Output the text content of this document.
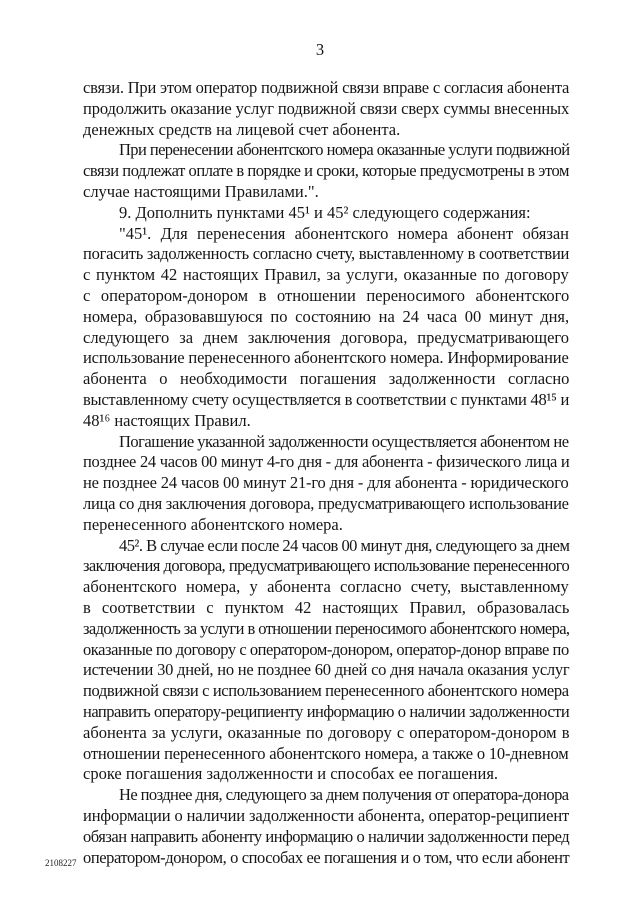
3
связи. При этом оператор подвижной связи вправе с согласия абонента
продолжить оказание услуг подвижной связи сверх суммы внесенных
денежных средств на лицевой счет абонента.
При перенесении абонентского номера оказанные услуги подвижной
связи подлежат оплате в порядке и сроки, которые предусмотрены в этом
случае настоящими Правилами.".
9. Дополнить пунктами 45¹ и 45² следующего содержания:
"45¹. Для перенесения абонентского номера абонент обязан
погасить задолженность согласно счету, выставленному в соответствии
с пунктом 42 настоящих Правил, за услуги, оказанные по договору
с оператором-донором в отношении переносимого абонентского
номера, образовавшуюся по состоянию на 24 часа 00 минут дня,
следующего за днем заключения договора, предусматривающего
использование перенесенного абонентского номера. Информирование
абонента о необходимости погашения задолженности согласно
выставленному счету осуществляется в соответствии с пунктами 48¹⁵ и
48¹⁶ настоящих Правил.
Погашение указанной задолженности осуществляется абонентом не
позднее 24 часов 00 минут 4-го дня - для абонента - физического лица и
не позднее 24 часов 00 минут 21-го дня - для абонента - юридического
лица со дня заключения договора, предусматривающего использование
перенесенного абонентского номера.
45². В случае если после 24 часов 00 минут дня, следующего за днем
заключения договора, предусматривающего использование перенесенного
абонентского номера, у абонента согласно счету, выставленному
в соответствии с пунктом 42 настоящих Правил, образовалась
задолженность за услуги в отношении переносимого абонентского номера,
оказанные по договору с оператором-донором, оператор-донор вправе по
истечении 30 дней, но не позднее 60 дней со дня начала оказания услуг
подвижной связи с использованием перенесенного абонентского номера
направить оператору-реципиенту информацию о наличии задолженности
абонента за услуги, оказанные по договору с оператором-донором в
отношении перенесенного абонентского номера, а также о 10-дневном
сроке погашения задолженности и способах ее погашения.
Не позднее дня, следующего за днем получения от оператора-донора
информации о наличии задолженности абонента, оператор-реципиент
обязан направить абоненту информацию о наличии задолженности перед
оператором-донором, о способах ее погашения и о том, что если абонент
2108227
